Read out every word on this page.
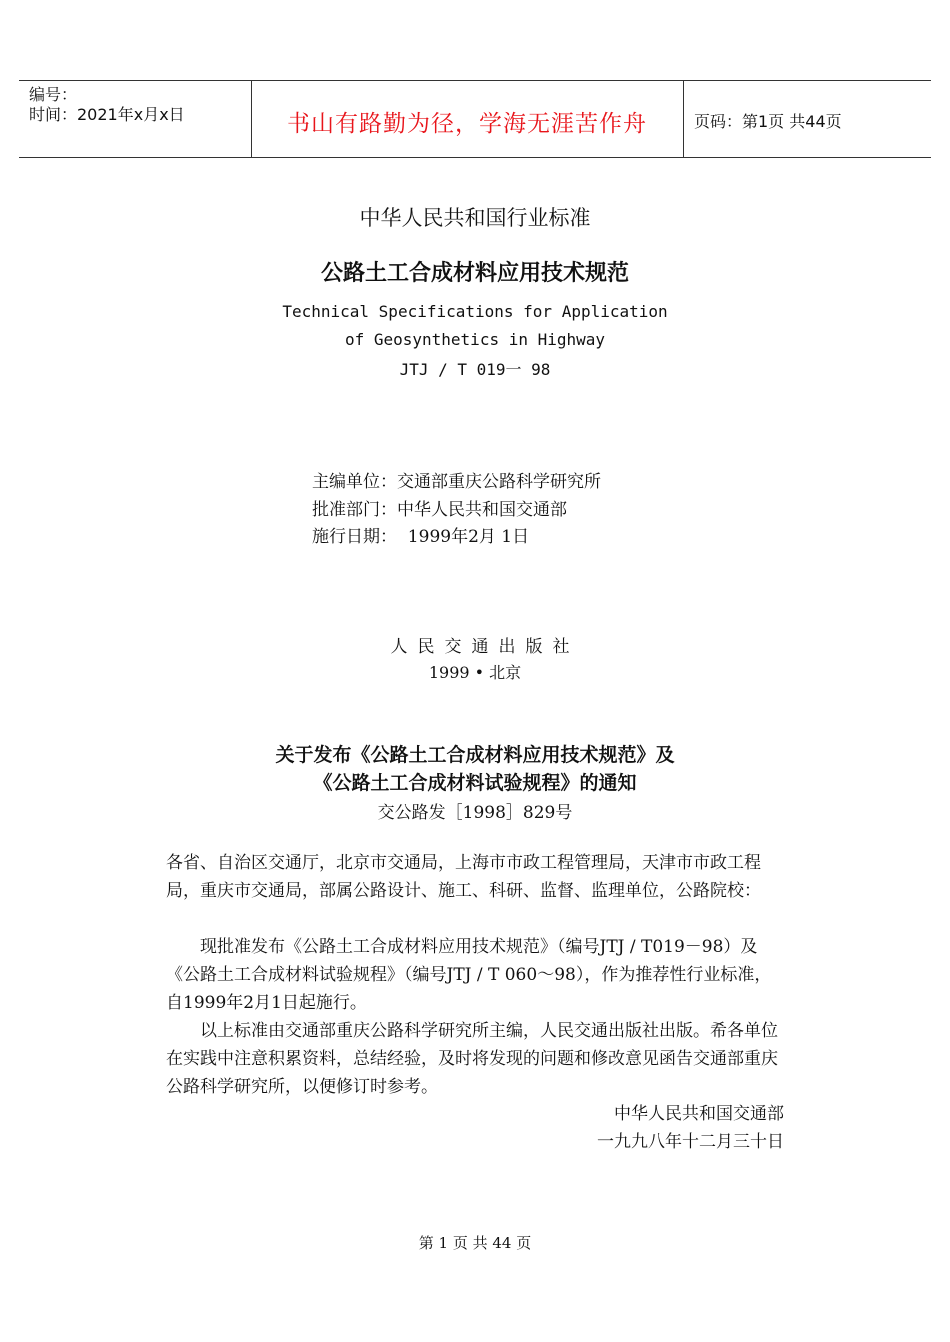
编号：
时间：2021年x月x日	书山有路勤为径，学海无涯苦作舟	页码：第1页 共44页
中华人民共和国行业标准
公路土工合成材料应用技术规范
Technical Specifications for Application
of Geosynthetics in Highway
JTJ / T 019一 98
主编单位：交通部重庆公路科学研究所
批准部门：中华人民共和国交通部
施行日期：  1999年2月 1日
人民交通出版社
1999 • 北京
关于发布《公路土工合成材料应用技术规范》及
《公路土工合成材料试验规程》的通知
交公路发［1998］829号
各省、自治区交通厅，北京市交通局，上海市市政工程管理局，天津市市政工程局，重庆市交通局，部属公路设计、施工、科研、监督、监理单位，公路院校：
现批准发布《公路土工合成材料应用技术规范》（编号JTJ / T019－98）及《公路土工合成材料试验规程》（编号JTJ / T 060～98），作为推荐性行业标准，自1999年2月1日起施行。
以上标准由交通部重庆公路科学研究所主编，人民交通出版社出版。希各单位在实践中注意积累资料，总结经验，及时将发现的问题和修改意见函告交通部重庆公路科学研究所，以便修订时参考。
中华人民共和国交通部
一九九八年十二月三十日
第 1 页 共 44 页
